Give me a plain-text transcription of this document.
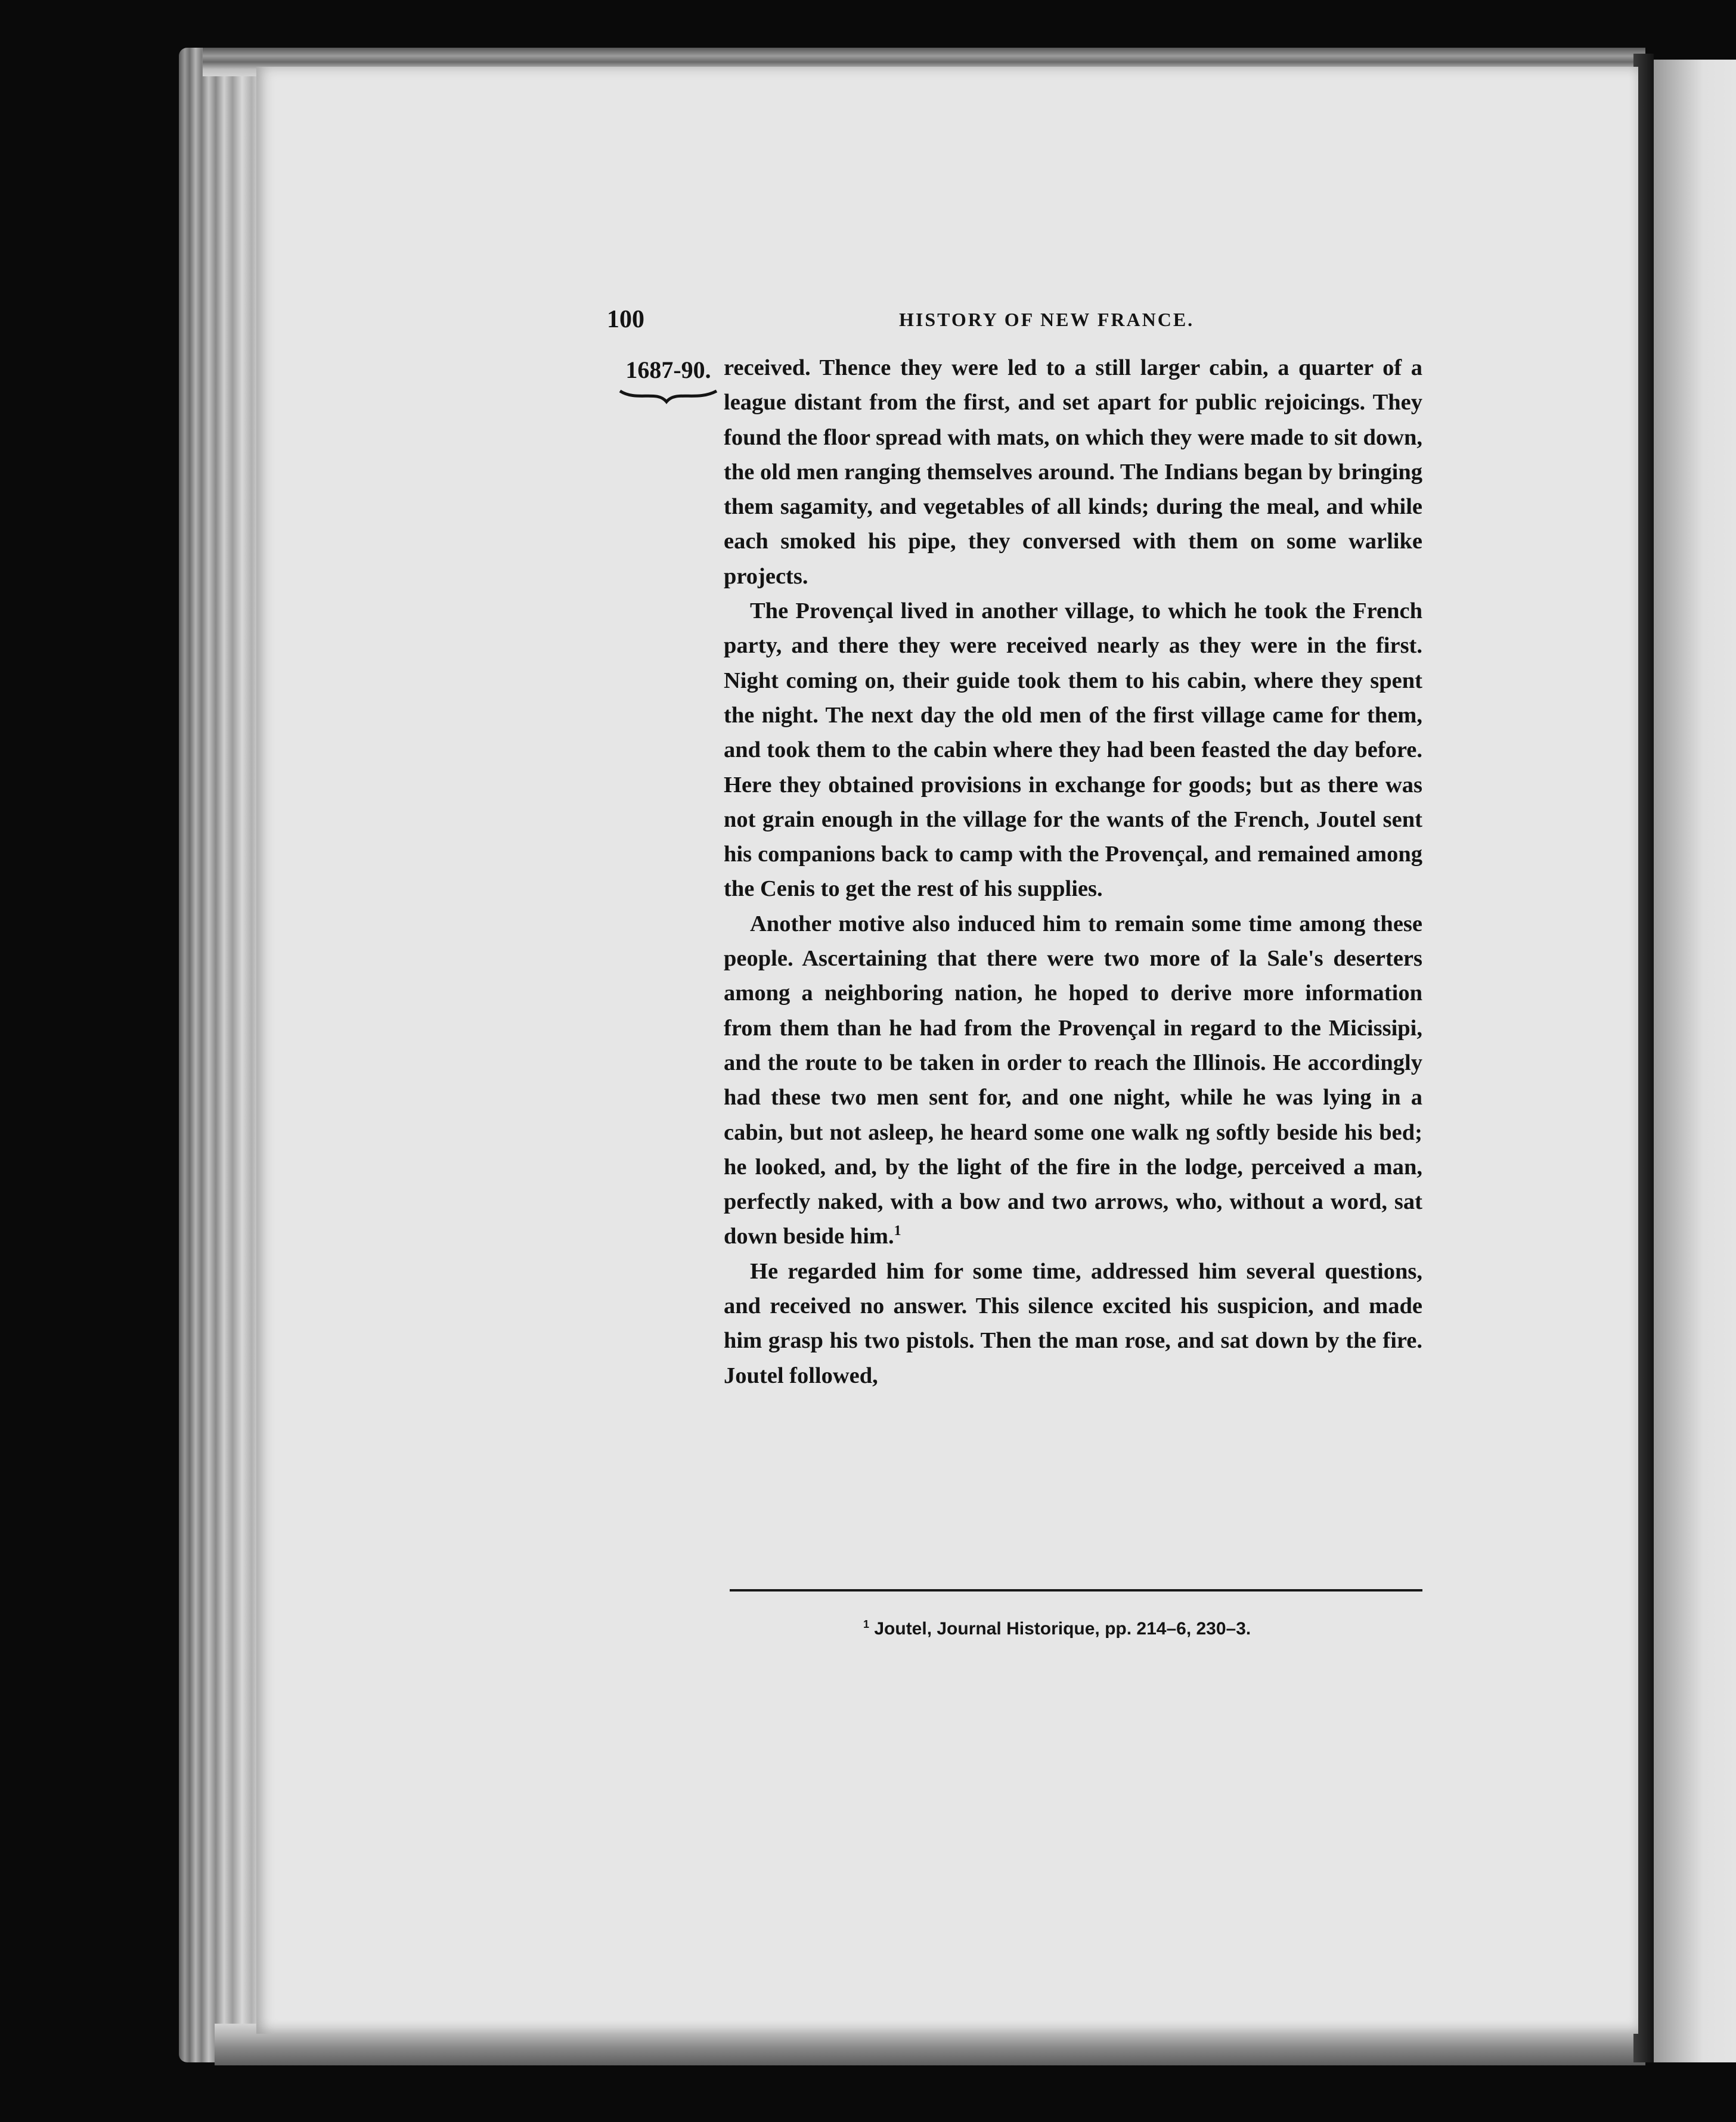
100	HISTORY OF NEW FRANCE.
1687-90. received. Thence they were led to a still larger cabin, a quarter of a league distant from the first, and set apart for public rejoicings. They found the floor spread with mats, on which they were made to sit down, the old men ranging themselves around. The Indians began by bringing them sagamity, and vegetables of all kinds; during the meal, and while each smoked his pipe, they conversed with them on some warlike projects.

The Provençal lived in another village, to which he took the French party, and there they were received nearly as they were in the first. Night coming on, their guide took them to his cabin, where they spent the night. The next day the old men of the first village came for them, and took them to the cabin where they had been feasted the day before. Here they obtained provisions in exchange for goods; but as there was not grain enough in the village for the wants of the French, Joutel sent his companions back to camp with the Provençal, and remained among the Cenis to get the rest of his supplies.

Another motive also induced him to remain some time among these people. Ascertaining that there were two more of la Sale's deserters among a neighboring nation, he hoped to derive more information from them than he had from the Provençal in regard to the Micissipi, and the route to be taken in order to reach the Illinois. He accordingly had these two men sent for, and one night, while he was lying in a cabin, but not asleep, he heard some one walk ng softly beside his bed; he looked, and, by the light of the fire in the lodge, perceived a man, perfectly naked, with a bow and two arrows, who, without a word, sat down beside him.$^1$

He regarded him for some time, addressed him several questions, and received no answer. This silence excited his suspicion, and made him grasp his two pistols. Then the man rose, and sat down by the fire. Joutel followed,

$^1$ Joutel, Journal Historique, pp. 214–6, 230–3.
